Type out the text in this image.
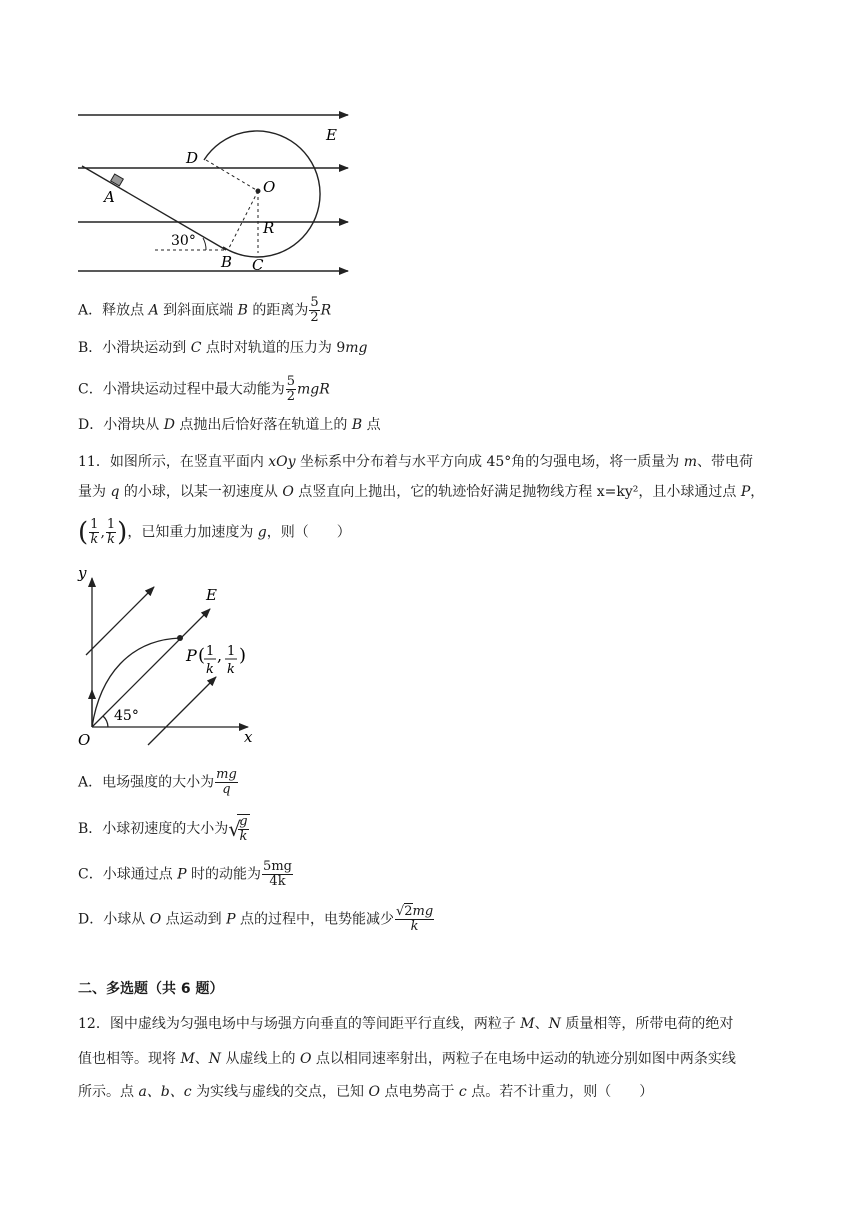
E
D
O
A
R
B C
30°
A．释放点 A 到斜面底端 B 的距离为 $\frac{5}{2}$ R
B．小滑块运动到 C 点时对轨道的压力为 9mg
C．小滑块运动过程中最大动能为 $\frac{5}{2}$ mgR
D．小滑块从 D 点抛出后恰好落在轨道上的 B 点
11．如图所示，在竖直平面内 xOy 坐标系中分布着与水平方向成 45°角的匀强电场，将一质量为 m、带电荷
量为 q 的小球，以某一初速度从 O 点竖直向上抛出，它的轨迹恰好满足抛物线方程 x=ky²，且小球通过点 P，
( $\frac{1}{k}$ , $\frac{1}{k}$ )，已知重力加速度为 g，则（　　）
y
E
O	x
45°
P ( 1
k
, 1
k
)
A．电场强度的大小为 $\frac{mg}{q}$
B．小球初速度的大小为 √
$\frac{g}{k}$
C．小球通过点 P 时的动能为 $\frac{5mg}{4k}$
D．小球从 O 点运动到 P 点的过程中，电势能减少 $\frac{√2mg}{k}$
二、多选题（共 6 题）
12．图中虚线为匀强电场中与场强方向垂直的等间距平行直线，两粒子 M、N 质量相等，所带电荷的绝对
值也相等。现将 M、N 从虚线上的 O 点以相同速率射出，两粒子在电场中运动的轨迹分别如图中两条实线
所示。点 a、b、c 为实线与虚线的交点，已知 O 点电势高于 c 点。若不计重力，则（　　）
